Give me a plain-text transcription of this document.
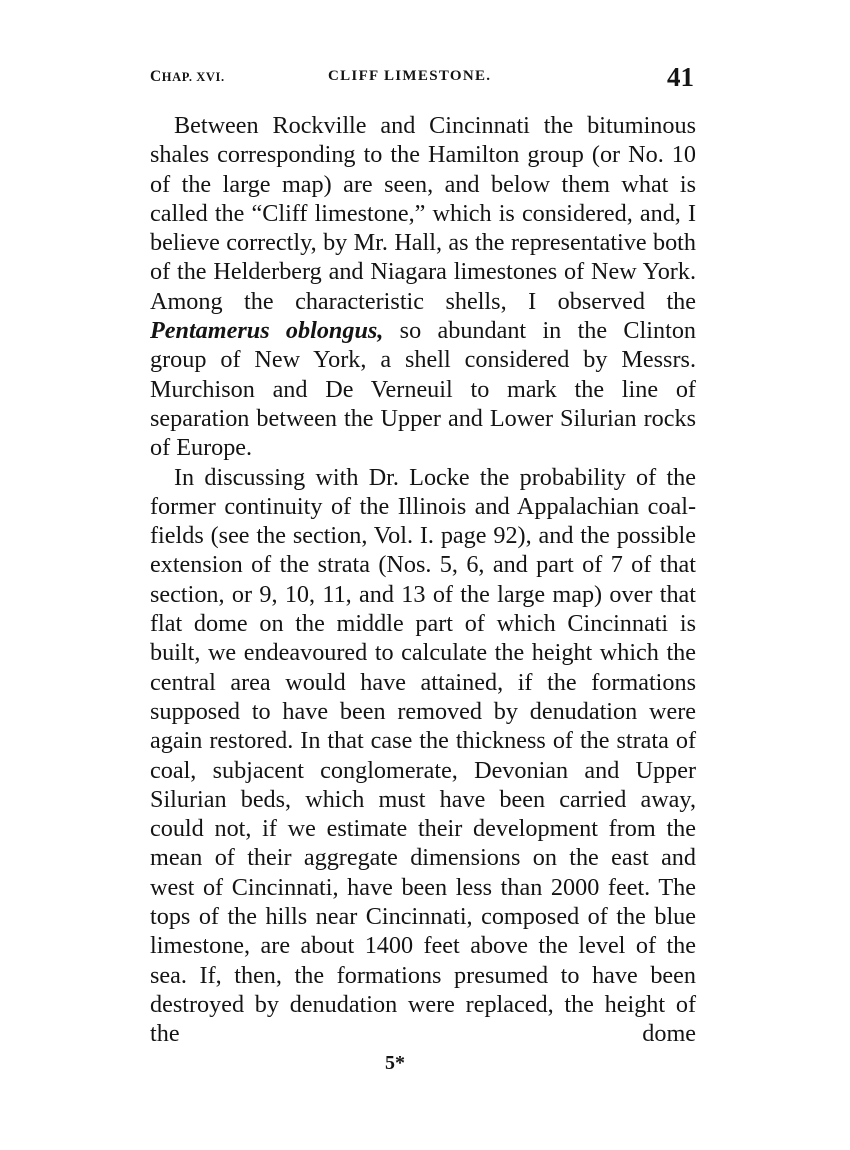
CHAP. XVI.	CLIFF LIMESTONE.	41

Between Rockville and Cincinnati the bituminous shales corresponding to the Hamilton group (or No. 10 of the large map) are seen, and below them what is called the “Cliff limestone,” which is considered, and, I believe correctly, by Mr. Hall, as the representative both of the Helderberg and Niagara limestones of New York. Among the characteristic shells, I observed the Pentamerus oblongus, so abundant in the Clinton group of New York, a shell considered by Messrs. Murchison and De Verneuil to mark the line of separation between the Upper and Lower Silurian rocks of Europe.

In discussing with Dr. Locke the probability of the former continuity of the Illinois and Appalachian coal-fields (see the section, Vol. I. page 92), and the possible extension of the strata (Nos. 5, 6, and part of 7 of that section, or 9, 10, 11, and 13 of the large map) over that flat dome on the middle part of which Cincinnati is built, we endeavoured to calculate the height which the central area would have attained, if the formations supposed to have been removed by denudation were again restored. In that case the thickness of the strata of coal, subjacent conglomerate, Devonian and Upper Silurian beds, which must have been carried away, could not, if we estimate their development from the mean of their aggregate dimensions on the east and west of Cincinnati, have been less than 2000 feet. The tops of the hills near Cincinnati, composed of the blue limestone, are about 1400 feet above the level of the sea. If, then, the formations presumed to have been destroyed by denudation were replaced, the height of the dome

5*
